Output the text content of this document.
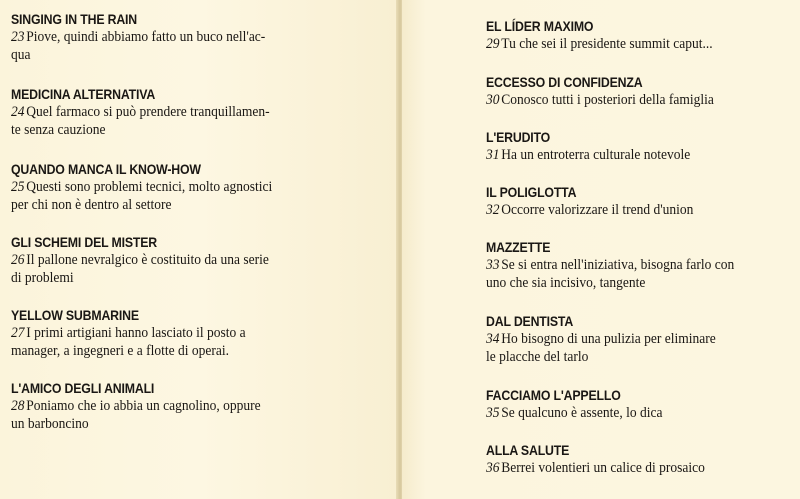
SINGING IN THE RAIN
23 Piove, quindi abbiamo fatto un buco nell'ac-
qua
MEDICINA ALTERNATIVA
24 Quel farmaco si può prendere tranquillamen-
te senza cauzione
QUANDO MANCA IL KNOW-HOW
25 Questi sono problemi tecnici, molto agnostici
per chi non è dentro al settore
GLI SCHEMI DEL MISTER
26 Il pallone nevralgico è costituito da una serie
di problemi
YELLOW SUBMARINE
27 I primi artigiani hanno lasciato il posto a
manager, a ingegneri e a flotte di operai.
L'AMICO DEGLI ANIMALI
28 Poniamo che io abbia un cagnolino, oppure
un barboncino
EL LÍDER MAXIMO
29 Tu che sei il presidente summit caput...
ECCESSO DI CONFIDENZA
30 Conosco tutti i posteriori della famiglia
L'ERUDITO
31 Ha un entroterra culturale notevole
IL POLIGLOTTA
32 Occorre valorizzare il trend d'union
MAZZETTE
33 Se si entra nell'iniziativa, bisogna farlo con
uno che sia incisivo, tangente
DAL DENTISTA
34 Ho bisogno di una pulizia per eliminare
le placche del tarlo
FACCIAMO L'APPELLO
35 Se qualcuno è assente, lo dica
ALLA SALUTE
36 Berrei volentieri un calice di prosaico
